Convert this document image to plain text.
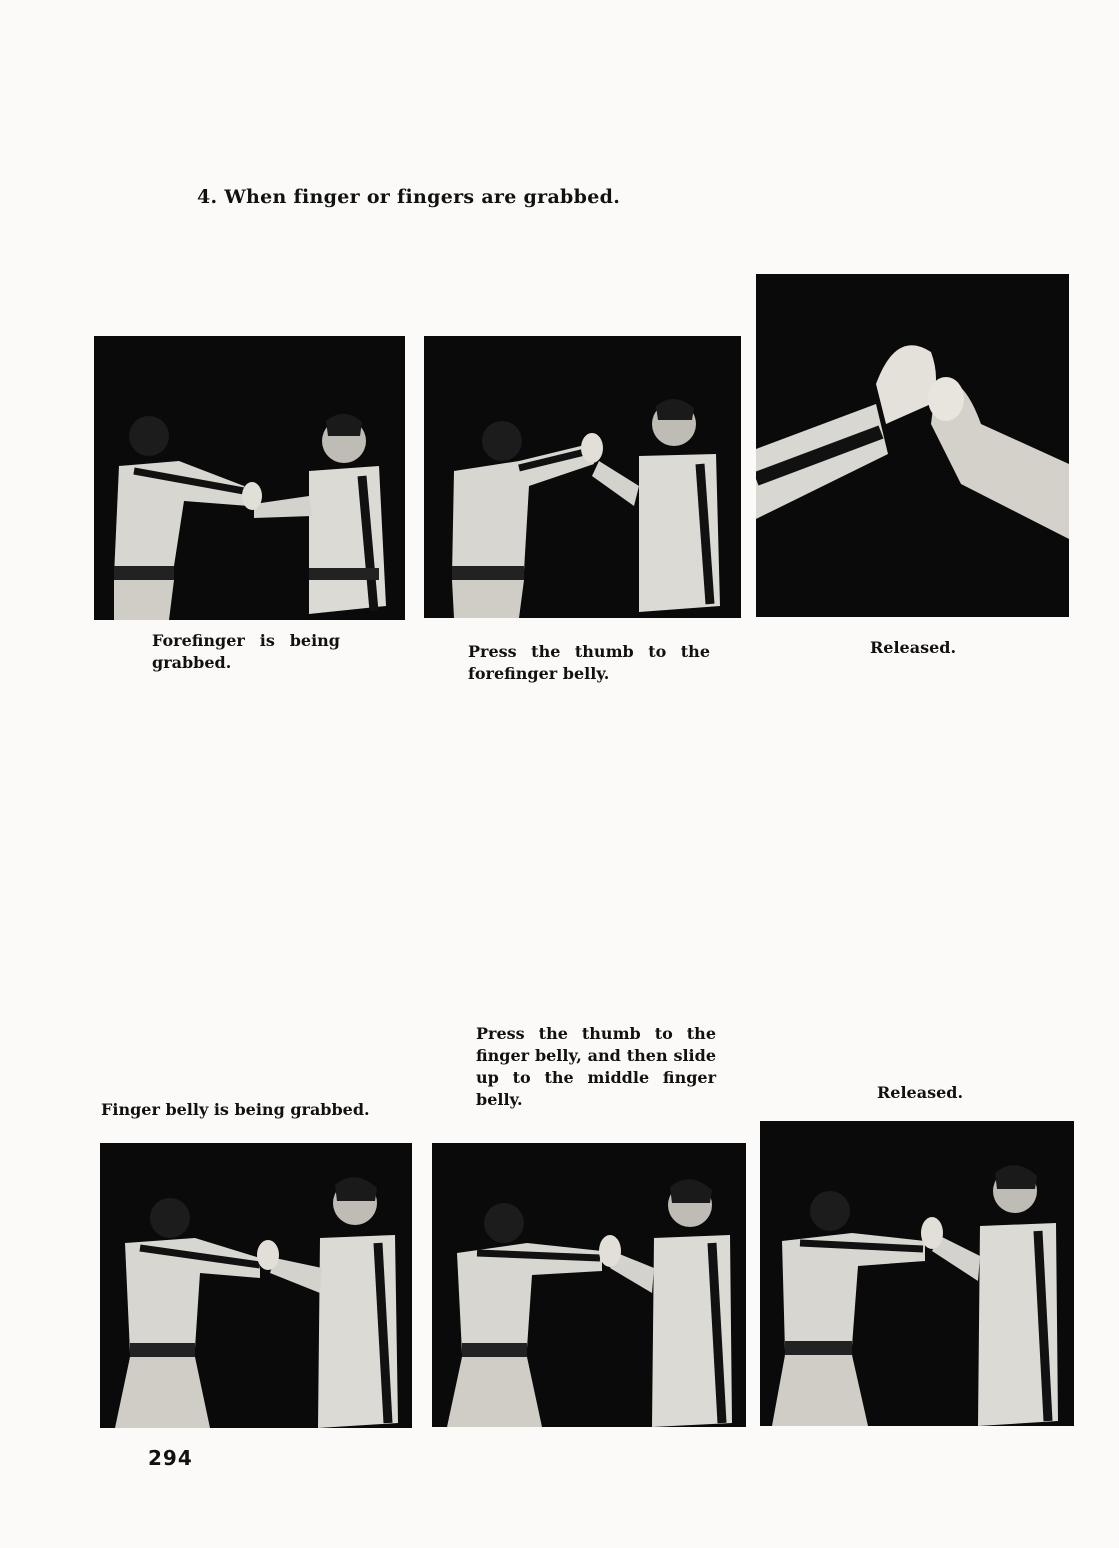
4. When finger or fingers are grabbed.

Forefinger is being grabbed.

Press the thumb to the forefinger belly.

Released.

Finger belly is being grabbed.

Press the thumb to the finger belly, and then slide up to the middle finger belly.	Released.

294
